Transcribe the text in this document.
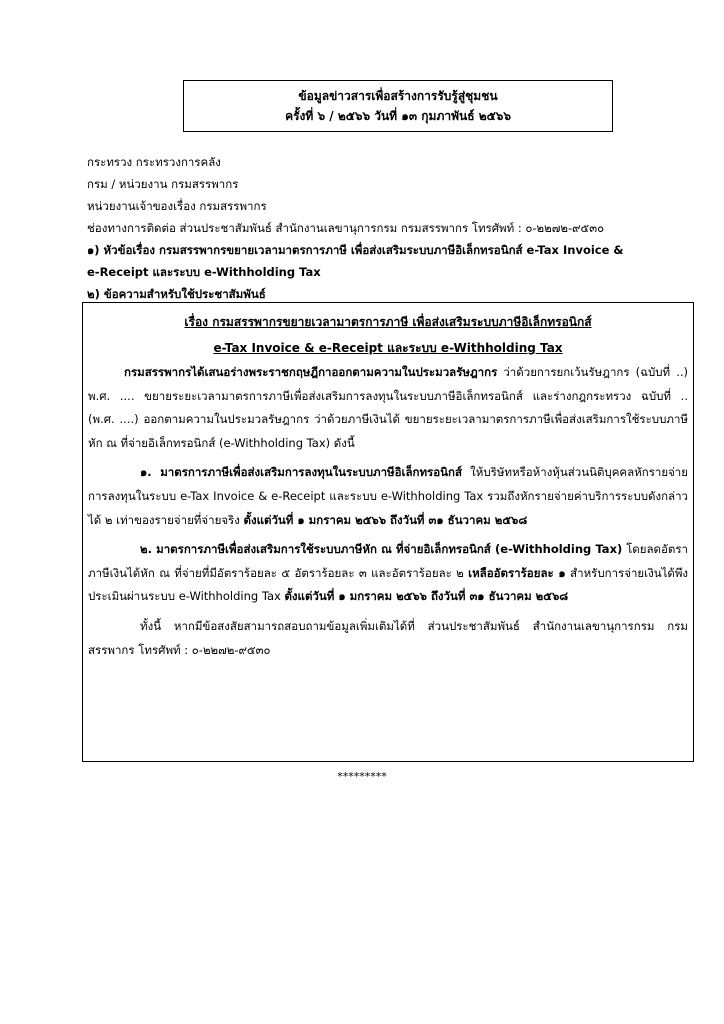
ข้อมูลข่าวสารเพื่อสร้างการรับรู้สู่ชุมชน
ครั้งที่ ๖ / ๒๕๖๖ วันที่ ๑๓ กุมภาพันธ์ ๒๕๖๖
กระทรวง กระทรวงการคลัง
กรม / หน่วยงาน กรมสรรพากร
หน่วยงานเจ้าของเรื่อง กรมสรรพากร
ช่องทางการติดต่อ ส่วนประชาสัมพันธ์ สำนักงานเลขานุการกรม กรมสรรพากร โทรศัพท์ : ๐-๒๒๗๒-๙๕๓๐
๑) หัวข้อเรื่อง กรมสรรพากรขยายเวลามาตรการภาษี เพื่อส่งเสริมระบบภาษีอิเล็กทรอนิกส์ e-Tax Invoice &
e-Receipt และระบบ e-Withholding Tax
๒) ข้อความสำหรับใช้ประชาสัมพันธ์
เรื่อง กรมสรรพากรขยายเวลามาตรการภาษี เพื่อส่งเสริมระบบภาษีอิเล็กทรอนิกส์
e-Tax Invoice & e-Receipt และระบบ e-Withholding Tax

กรมสรรพากรได้เสนอร่างพระราชกฤษฎีกาออกตามความในประมวลรัษฎากร ว่าด้วยการยกเว้นรัษฎากร (ฉบับที่ ..) พ.ศ. .... ขยายระยะเวลามาตรการภาษีเพื่อส่งเสริมการลงทุนในระบบภาษีอิเล็กทรอนิกส์ และร่างกฎกระทรวง ฉบับที่ .. (พ.ศ. ....) ออกตามความในประมวลรัษฎากร ว่าด้วยภาษีเงินได้ ขยายระยะเวลามาตรการภาษีเพื่อส่งเสริมการใช้ระบบภาษีหัก ณ ที่จ่ายอิเล็กทรอนิกส์ (e-Withholding Tax) ดังนี้

๑. มาตรการภาษีเพื่อส่งเสริมการลงทุนในระบบภาษีอิเล็กทรอนิกส์ ให้บริษัทหรือห้างหุ้นส่วนนิติบุคคลหักรายจ่ายการลงทุนในระบบ e-Tax Invoice & e-Receipt และระบบ e-Withholding Tax รวมถึงหักรายจ่ายค่าบริการระบบดังกล่าวได้ ๒ เท่าของรายจ่ายที่จ่ายจริง ตั้งแต่วันที่ ๑ มกราคม ๒๕๖๖ ถึงวันที่ ๓๑ ธันวาคม ๒๕๖๘

๒. มาตรการภาษีเพื่อส่งเสริมการใช้ระบบภาษีหัก ณ ที่จ่ายอิเล็กทรอนิกส์ (e-Withholding Tax) โดยลดอัตราภาษีเงินได้หัก ณ ที่จ่ายที่มีอัตราร้อยละ ๕ อัตราร้อยละ ๓ และอัตราร้อยละ ๒ เหลืออัตราร้อยละ ๑ สำหรับการจ่ายเงินได้พึงประเมินผ่านระบบ e-Withholding Tax ตั้งแต่วันที่ ๑ มกราคม ๒๕๖๖ ถึงวันที่ ๓๑ ธันวาคม ๒๕๖๘

ทั้งนี้ หากมีข้อสงสัยสามารถสอบถามข้อมูลเพิ่มเติมได้ที่ ส่วนประชาสัมพันธ์ สำนักงานเลขานุการกรม กรมสรรพากร โทรศัพท์ : ๐-๒๒๗๒-๙๕๓๐

*********
